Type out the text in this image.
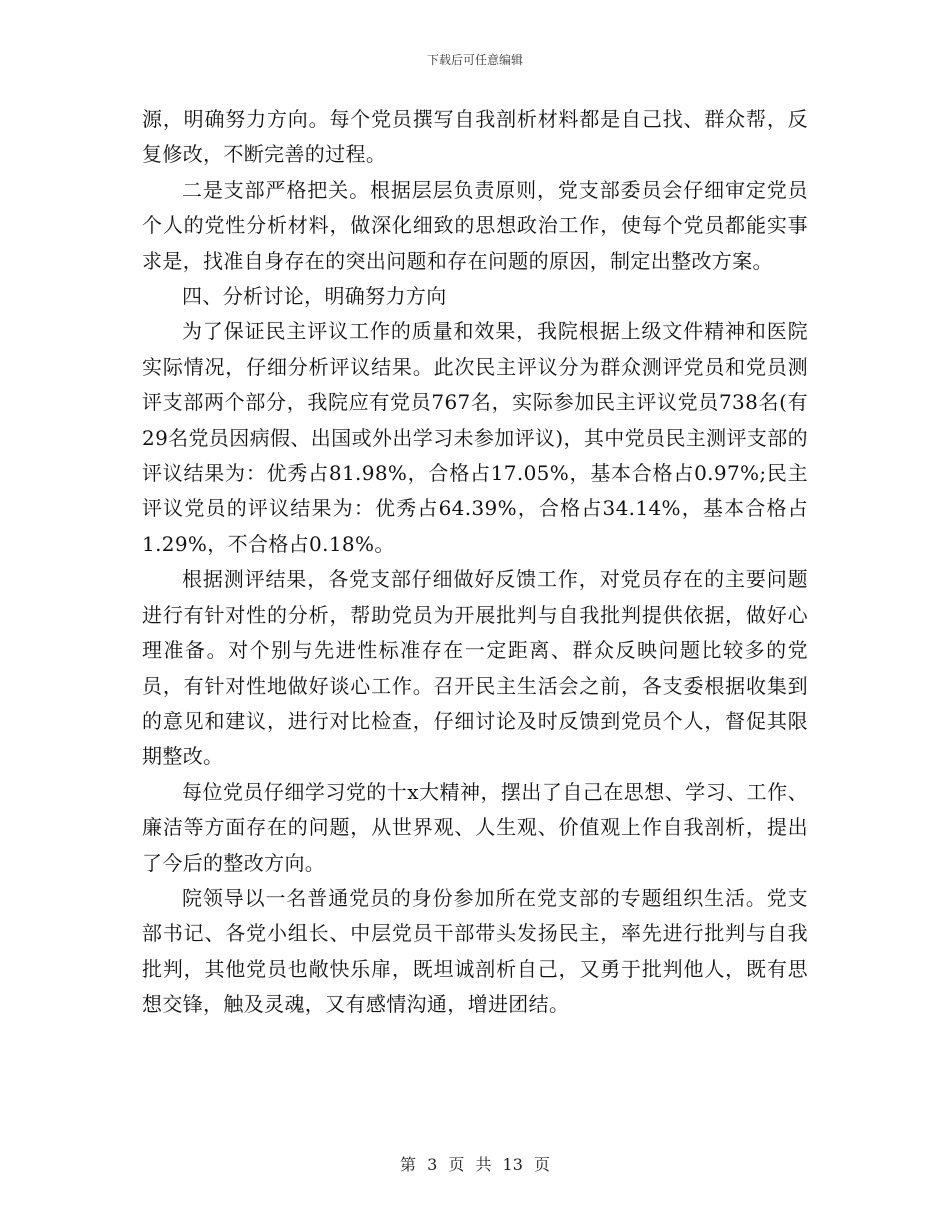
下载后可任意编辑

源，明确努力方向。每个党员撰写自我剖析材料都是自己找、群众帮，反复修改，不断完善的过程。

二是支部严格把关。根据层层负责原则，党支部委员会仔细审定党员个人的党性分析材料，做深化细致的思想政治工作，使每个党员都能实事求是，找准自身存在的突出问题和存在问题的原因，制定出整改方案。

四、分析讨论，明确努力方向

为了保证民主评议工作的质量和效果，我院根据上级文件精神和医院实际情况，仔细分析评议结果。此次民主评议分为群众测评党员和党员测评支部两个部分，我院应有党员767名，实际参加民主评议党员738名(有29名党员因病假、出国或外出学习未参加评议)，其中党员民主测评支部的评议结果为：优秀占81.98%，合格占17.05%，基本合格占0.97%;民主评议党员的评议结果为：优秀占64.39%，合格占34.14%，基本合格占1.29%，不合格占0.18%。

根据测评结果，各党支部仔细做好反馈工作，对党员存在的主要问题进行有针对性的分析，帮助党员为开展批判与自我批判提供依据，做好心理准备。对个别与先进性标准存在一定距离、群众反映问题比较多的党员，有针对性地做好谈心工作。召开民主生活会之前，各支委根据收集到的意见和建议，进行对比检查，仔细讨论及时反馈到党员个人，督促其限期整改。

每位党员仔细学习党的十x大精神，摆出了自己在思想、学习、工作、廉洁等方面存在的问题，从世界观、人生观、价值观上作自我剖析，提出了今后的整改方向。

院领导以一名普通党员的身份参加所在党支部的专题组织生活。党支部书记、各党小组长、中层党员干部带头发扬民主，率先进行批判与自我批判，其他党员也敞快乐扉，既坦诚剖析自己，又勇于批判他人，既有思想交锋，触及灵魂，又有感情沟通，增进团结。

第 3 页 共 13 页
